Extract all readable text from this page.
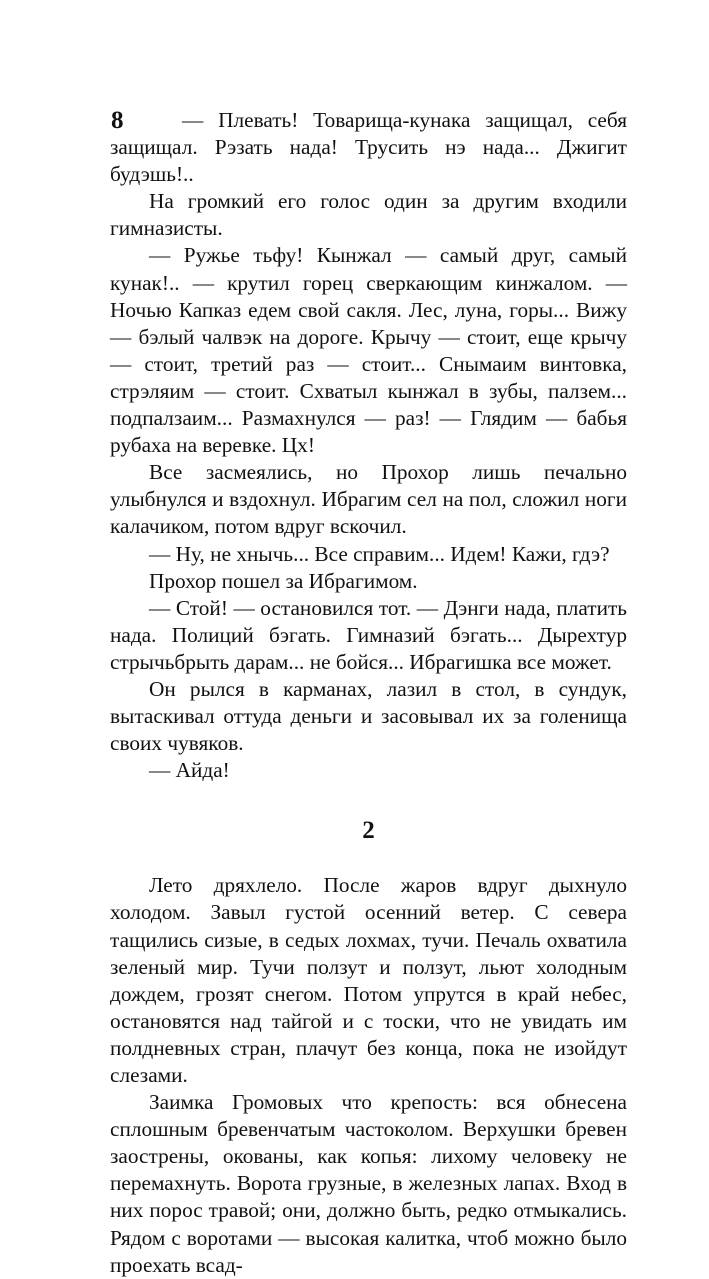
8	— Плевать! Товарища-кунака защищал, себя защищал. Рэзать нада! Трусить нэ нада... Джигит будэшь!..

На громкий его голос один за другим входили гимназисты.

— Ружье тьфу! Кынжал — самый друг, самый кунак!.. — крутил горец сверкающим кинжалом. — Ночью Капказ едем свой сакля. Лес, луна, горы... Вижу — бэлый чалвэк на дороге. Крычу — стоит, еще крычу — стоит, третий раз — стоит... Снымаим винтовка, стрэляим — стоит. Схватыл кынжал в зубы, палзем... подпалзаим... Размахнулся — раз! — Глядим — бабья рубаха на веревке. Цх!

Все засмеялись, но Прохор лишь печально улыбнулся и вздохнул. Ибрагим сел на пол, сложил ноги калачиком, потом вдруг вскочил.

— Ну, не хнычь... Все справим... Идем! Кажи, гдэ?

Прохор пошел за Ибрагимом.

— Стой! — остановился тот. — Дэнги нада, платить нада. Полиций бэгать. Гимназий бэгать... Дырехтур стрычьбрыть дарам... не бойся... Ибрагишка все может.

Он рылся в карманах, лазил в стол, в сундук, вытаскивал оттуда деньги и засовывал их за голенища своих чувяков.

— Айда!

2

Лето дряхлело. После жаров вдруг дыхнуло холодом. Завыл густой осенний ветер. С севера тащились сизые, в седых лохмах, тучи. Печаль охватила зеленый мир. Тучи ползут и ползут, льют холодным дождем, грозят снегом. Потом упрутся в край небес, остановятся над тайгой и с тоски, что не увидать им полдневных стран, плачут без конца, пока не изойдут слезами.

Заимка Громовых что крепость: вся обнесена сплошным бревенчатым частоколом. Верхушки бревен заострены, окованы, как копья: лихому человеку не перемахнуть. Ворота грузные, в железных лапах. Вход в них порос травой; они, должно быть, редко отмыкались. Рядом с воротами — высокая калитка, чтоб можно было проехать всад-
